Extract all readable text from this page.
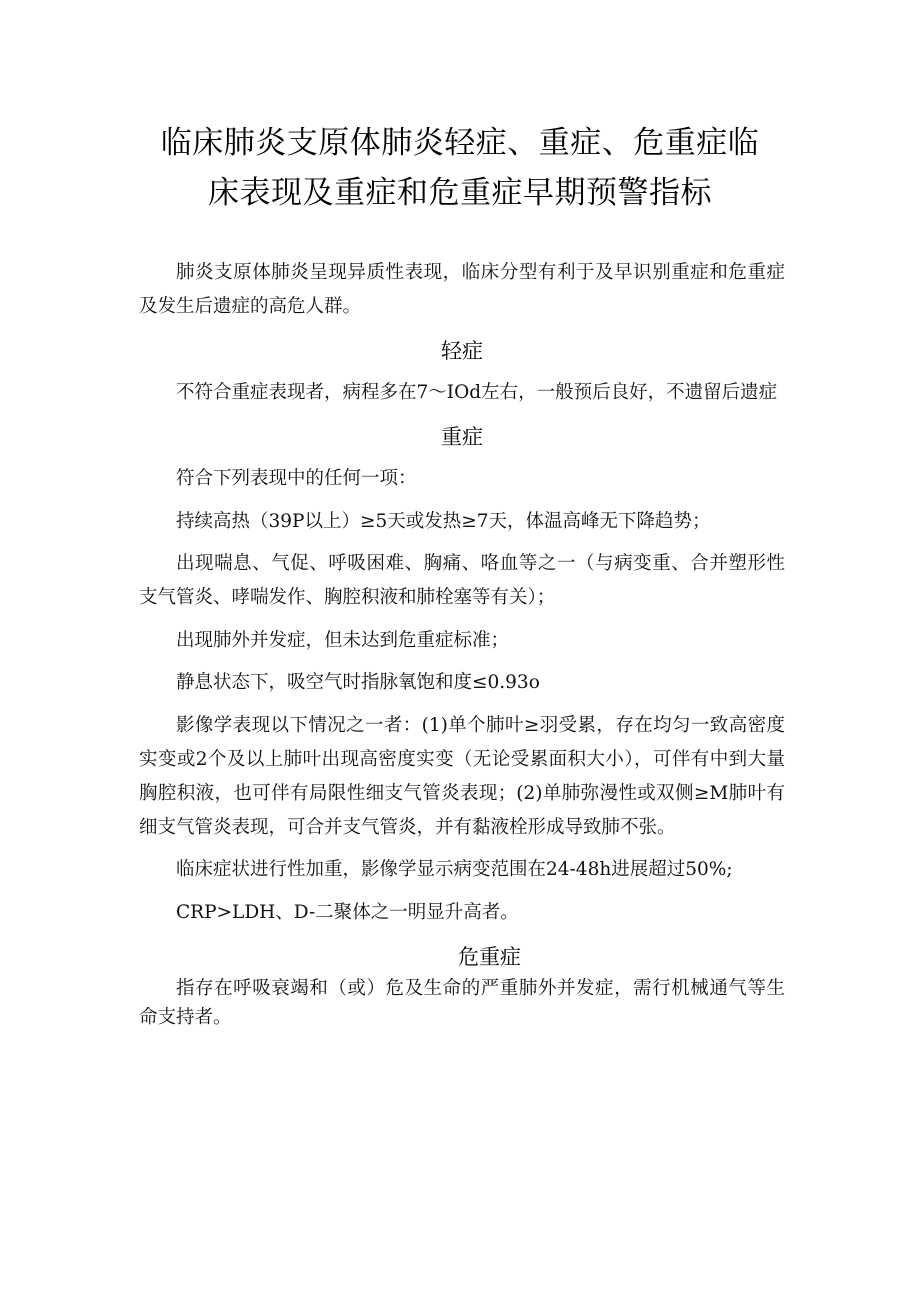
临床肺炎支原体肺炎轻症、重症、危重症临
床表现及重症和危重症早期预警指标

肺炎支原体肺炎呈现异质性表现，临床分型有利于及早识别重症和危重症及发生后遗症的高危人群。

轻症

不符合重症表现者，病程多在7〜IOd左右，一般预后良好，不遗留后遗症

重症

符合下列表现中的任何一项：

持续高热（39P以上）≥5天或发热≥7天，体温高峰无下降趋势；

出现喘息、气促、呼吸困难、胸痛、咯血等之一（与病变重、合并塑形性支气管炎、哮喘发作、胸腔积液和肺栓塞等有关）；

出现肺外并发症，但未达到危重症标准；

静息状态下，吸空气时指脉氧饱和度≤0.93o

影像学表现以下情况之一者：(1)单个肺叶≥羽受累，存在均匀一致高密度实变或2个及以上肺叶出现高密度实变（无论受累面积大小），可伴有中到大量胸腔积液，也可伴有局限性细支气管炎表现；(2)单肺弥漫性或双侧≥M肺叶有细支气管炎表现，可合并支气管炎，并有黏液栓形成导致肺不张。

临床症状进行性加重，影像学显示病变范围在24-48h进展超过50%;

CRP>LDH、D-二聚体之一明显升高者。

危重症

指存在呼吸衰竭和（或）危及生命的严重肺外并发症，需行机械通气等生命支持者。
